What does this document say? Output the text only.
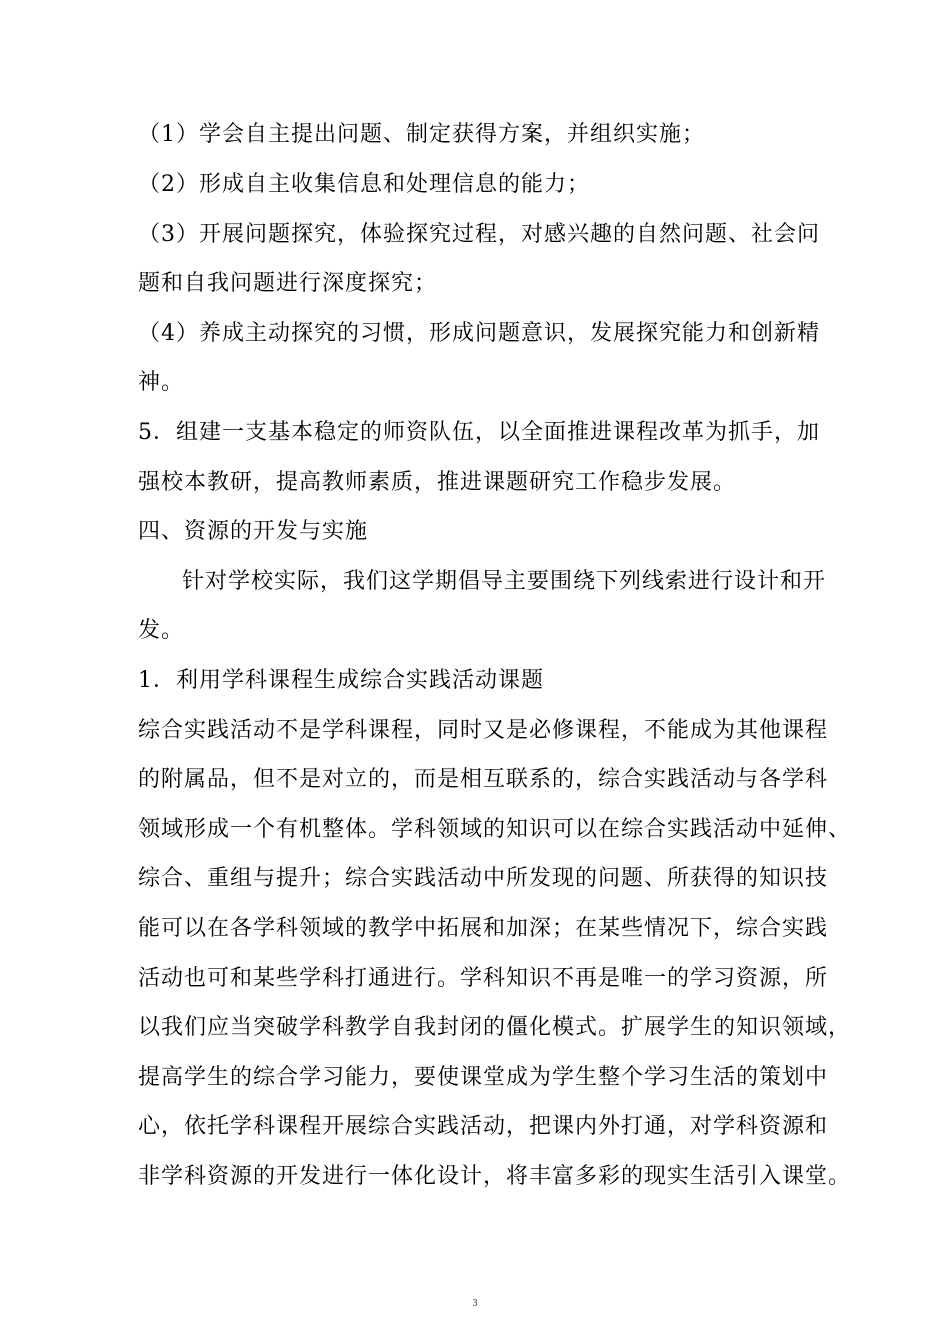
（1）学会自主提出问题、制定获得方案，并组织实施；
（2）形成自主收集信息和处理信息的能力；
（3）开展问题探究，体验探究过程，对感兴趣的自然问题、社会问
题和自我问题进行深度探究；
（4）养成主动探究的习惯，形成问题意识，发展探究能力和创新精
神。
5．组建一支基本稳定的师资队伍，以全面推进课程改革为抓手，加
强校本教研，提高教师素质，推进课题研究工作稳步发展。
四、资源的开发与实施
针对学校实际，我们这学期倡导主要围绕下列线索进行设计和开
发。
1．利用学科课程生成综合实践活动课题
综合实践活动不是学科课程，同时又是必修课程，不能成为其他课程
的附属品，但不是对立的，而是相互联系的，综合实践活动与各学科
领域形成一个有机整体。学科领域的知识可以在综合实践活动中延伸、
综合、重组与提升；综合实践活动中所发现的问题、所获得的知识技
能可以在各学科领域的教学中拓展和加深；在某些情况下，综合实践
活动也可和某些学科打通进行。学科知识不再是唯一的学习资源，所
以我们应当突破学科教学自我封闭的僵化模式。扩展学生的知识领域，
提高学生的综合学习能力，要使课堂成为学生整个学习生活的策划中
心，依托学科课程开展综合实践活动，把课内外打通，对学科资源和
非学科资源的开发进行一体化设计，将丰富多彩的现实生活引入课堂。
3
